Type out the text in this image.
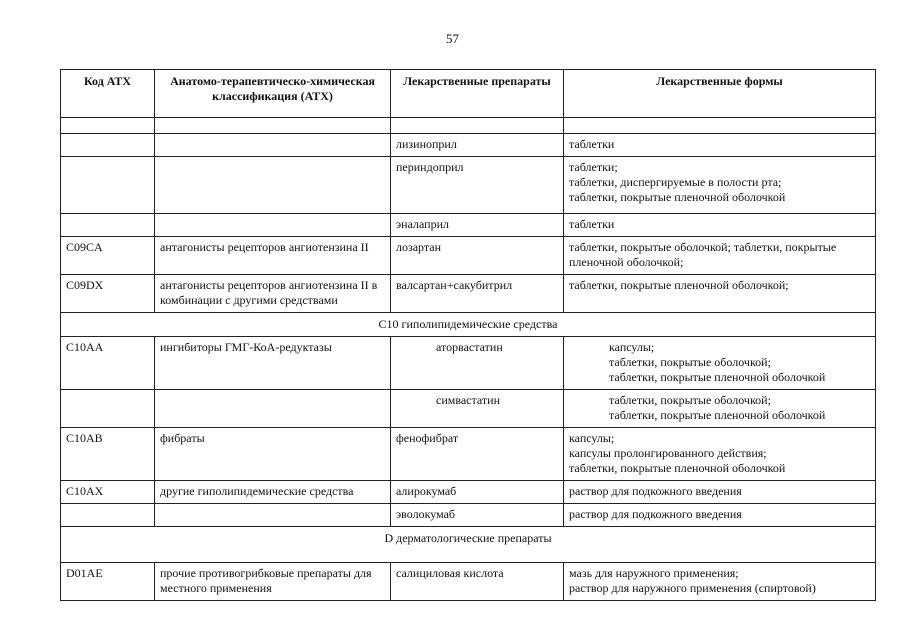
57
Код АТХ	Анатомо-терапевтическо-химическая классификация (АТХ)	Лекарственные препараты	Лекарственные формы

		лизиноприл	таблетки
		периндоприл	таблетки;
таблетки, диспергируемые в полости рта;
таблетки, покрытые пленочной оболочкой
		эналаприл	таблетки
C09CA	антагонисты рецепторов ангиотензина II	лозартан	таблетки, покрытые оболочкой; таблетки, покрытые пленочной оболочкой;
C09DX	антагонисты рецепторов ангиотензина II в комбинации с другими средствами	валсартан+сакубитрил	таблетки, покрытые пленочной оболочкой;
C10 гиполипидемические средства			
C10AA	ингибиторы ГМГ-КоА-редуктазы	аторвастатин	капсулы;
таблетки, покрытые оболочкой;
таблетки, покрытые пленочной оболочкой
		симвастатин	таблетки, покрытые оболочкой;
таблетки, покрытые пленочной оболочкой
C10AB	фибраты	фенофибрат	капсулы;
капсулы пролонгированного действия;
таблетки, покрытые пленочной оболочкой
C10AX	другие гиполипидемические средства	алирокумаб	раствор для подкожного введения
		эволокумаб	раствор для подкожного введения
D дерматологические препараты			
D01AE	прочие противогрибковые препараты для местного применения	салициловая кислота	мазь для наружного применения;
раствор для наружного применения (спиртовой)
